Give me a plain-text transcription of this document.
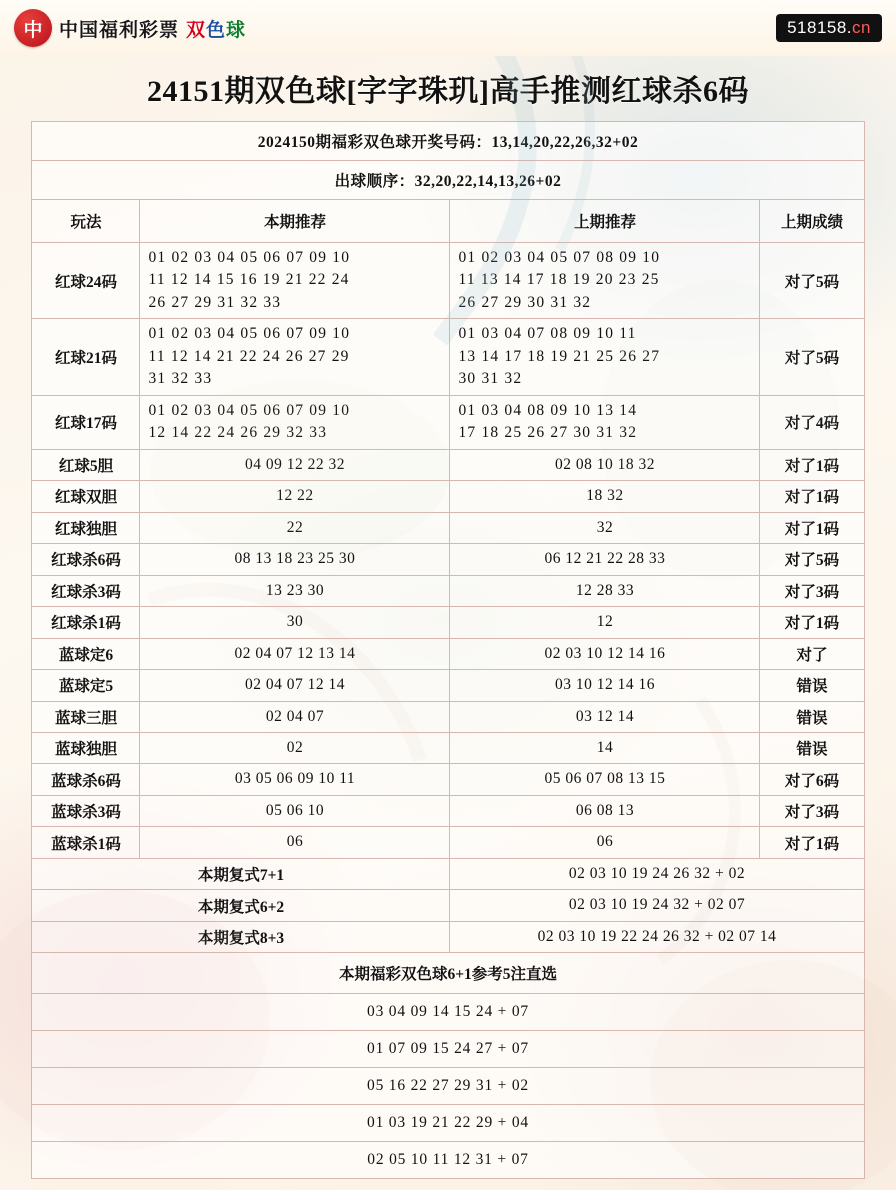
中 中国福利彩票 双色球	518158.cn
24151期双色球[字字珠玑]高手推测红球杀6码
2024150期福彩双色球开奖号码：13,14,20,22,26,32+02			
出球顺序：32,20,22,14,13,26+02			
玩法	本期推荐	上期推荐	上期成绩
红球24码	01 02 03 04 05 06 07 09 10
11 12 14 15 16 19 21 22 24
26 27 29 31 32 33	01 02 03 04 05 07 08 09 10
11 13 14 17 18 19 20 23 25
26 27 29 30 31 32	对了5码
红球21码	01 02 03 04 05 06 07 09 10
11 12 14 21 22 24 26 27 29
31 32 33	01 03 04 07 08 09 10 11
13 14 17 18 19 21 25 26 27
30 31 32	对了5码
红球17码	01 02 03 04 05 06 07 09 10
12 14 22 24 26 29 32 33	01 03 04 08 09 10 13 14
17 18 25 26 27 30 31 32	对了4码
红球5胆	04 09 12 22 32	02 08 10 18 32	对了1码
红球双胆	12 22	18 32	对了1码
红球独胆	22	32	对了1码
红球杀6码	08 13 18 23 25 30	06 12 21 22 28 33	对了5码
红球杀3码	13 23 30	12 28 33	对了3码
红球杀1码	30	12	对了1码
蓝球定6	02 04 07 12 13 14	02 03 10 12 14 16	对了
蓝球定5	02 04 07 12 14	03 10 12 14 16	错误
蓝球三胆	02 04 07	03 12 14	错误
蓝球独胆	02	14	错误
蓝球杀6码	03 05 06 09 10 11	05 06 07 08 13 15	对了6码
蓝球杀3码	05 06 10	06 08 13	对了3码
蓝球杀1码	06	06	对了1码
本期复式7+1		02 03 10 19 24 26 32 + 02	
本期复式6+2		02 03 10 19 24 32 + 02 07	
本期复式8+3		02 03 10 19 22 24 26 32 + 02 07 14	
本期福彩双色球6+1参考5注直选			
03 04 09 14 15 24 + 07			
01 07 09 15 24 27 + 07			
05 16 22 27 29 31 + 02			
01 03 19 21 22 29 + 04			
02 05 10 11 12 31 + 07			
